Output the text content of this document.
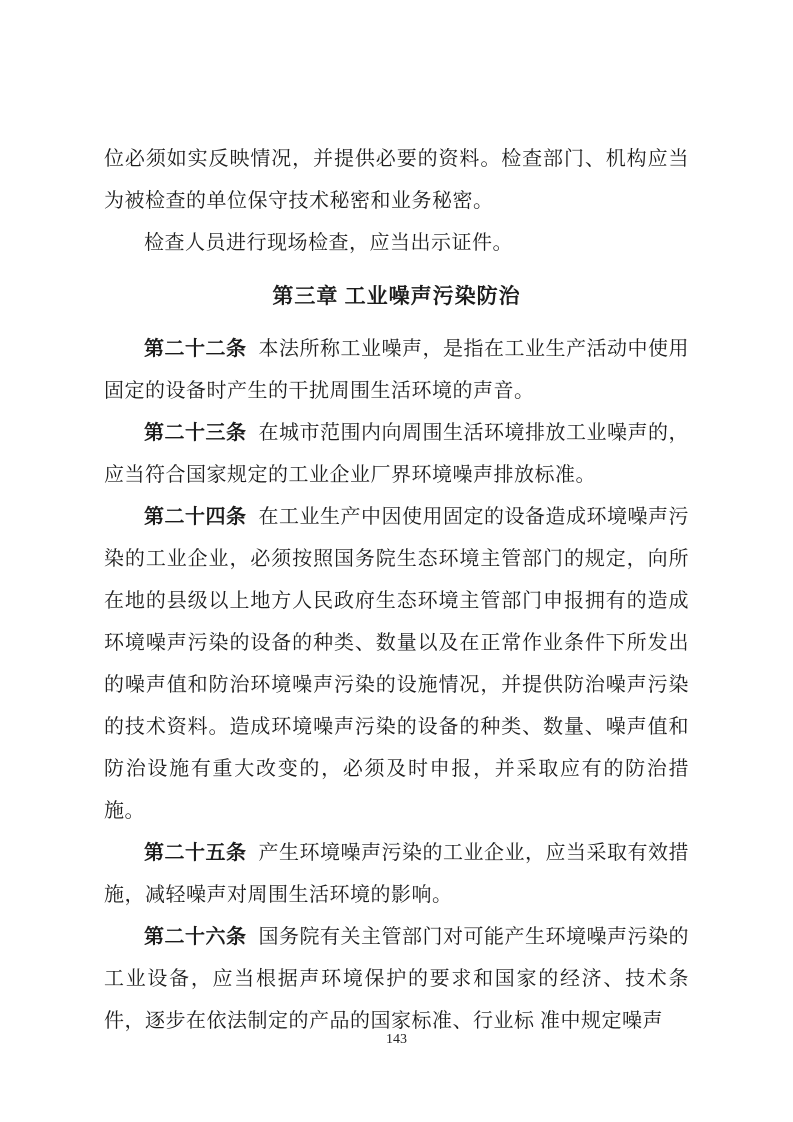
位必须如实反映情况，并提供必要的资料。检查部门、机构应当为被检查的单位保守技术秘密和业务秘密。

检查人员进行现场检查，应当出示证件。

第三章 工业噪声污染防治

第二十二条 本法所称工业噪声，是指在工业生产活动中使用固定的设备时产生的干扰周围生活环境的声音。

第二十三条 在城市范围内向周围生活环境排放工业噪声的，应当符合国家规定的工业企业厂界环境噪声排放标准。

第二十四条 在工业生产中因使用固定的设备造成环境噪声污染的工业企业，必须按照国务院生态环境主管部门的规定，向所在地的县级以上地方人民政府生态环境主管部门申报拥有的造成环境噪声污染的设备的种类、数量以及在正常作业条件下所发出的噪声值和防治环境噪声污染的设施情况，并提供防治噪声污染的技术资料。造成环境噪声污染的设备的种类、数量、噪声值和防治设施有重大改变的，必须及时申报，并采取应有的防治措施。

第二十五条 产生环境噪声污染的工业企业，应当采取有效措施，减轻噪声对周围生活环境的影响。

第二十六条 国务院有关主管部门对可能产生环境噪声污染的工业设备，应当根据声环境保护的要求和国家的经济、技术条件，逐步在依法制定的产品的国家标准、行业标 准中规定噪声

143
